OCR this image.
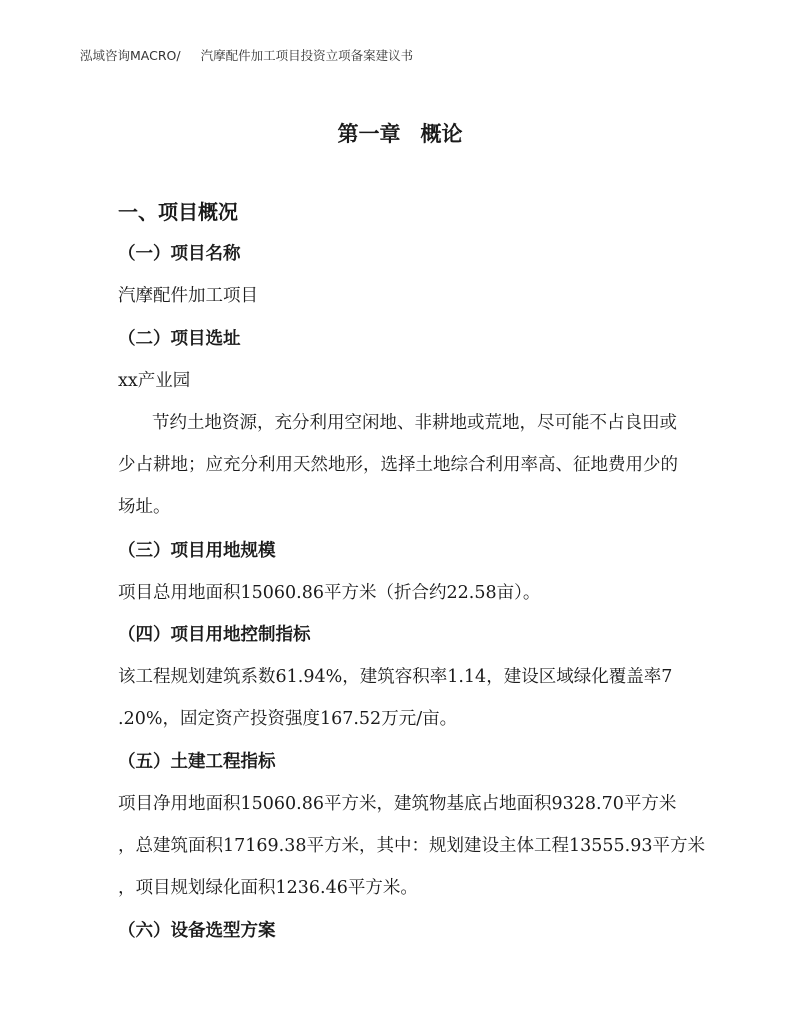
泓域咨询MACRO/ 汽摩配件加工项目投资立项备案建议书
第一章 概论
一、项目概况
（一）项目名称
汽摩配件加工项目
（二）项目选址
xx产业园
节约土地资源，充分利用空闲地、非耕地或荒地，尽可能不占良田或
少占耕地；应充分利用天然地形，选择土地综合利用率高、征地费用少的
场址。
（三）项目用地规模
项目总用地面积15060.86平方米（折合约22.58亩）。
（四）项目用地控制指标
该工程规划建筑系数61.94%，建筑容积率1.14，建设区域绿化覆盖率7
.20%，固定资产投资强度167.52万元/亩。
（五）土建工程指标
项目净用地面积15060.86平方米，建筑物基底占地面积9328.70平方米
，总建筑面积17169.38平方米，其中：规划建设主体工程13555.93平方米
，项目规划绿化面积1236.46平方米。
（六）设备选型方案
